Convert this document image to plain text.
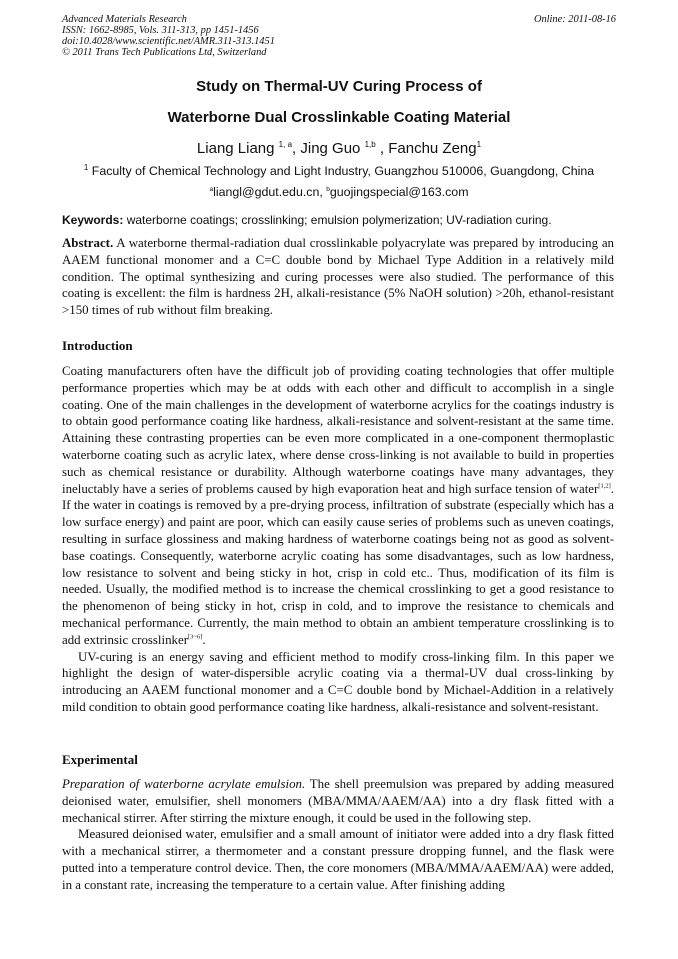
Advanced Materials Research	Online: 2011-08-16
ISSN: 1662-8985, Vols. 311-313, pp 1451-1456
doi:10.4028/www.scientific.net/AMR.311-313.1451
© 2011 Trans Tech Publications Ltd, Switzerland
Study on Thermal-UV Curing Process of
Waterborne Dual Crosslinkable Coating Material
Liang Liang $^{1, a}$, Jing Guo $^{1,b}$ , Fanchu Zeng$^1$
$^1$ Faculty of Chemical Technology and Light Industry, Guangzhou 510006, Guangdong, China
$^a$liangl@gdut.edu.cn, $^b$guojingspecial@163.com
Keywords: waterborne coatings; crosslinking; emulsion polymerization; UV-radiation curing.

Abstract. A waterborne thermal-radiation dual crosslinkable polyacrylate was prepared by introducing an AAEM functional monomer and a C=C double bond by Michael Type Addition in a relatively mild condition. The optimal synthesizing and curing processes were also studied. The performance of this coating is excellent: the film is hardness 2H, alkali-resistance (5% NaOH solution) >20h, ethanol-resistant >150 times of rub without film breaking.

Introduction

Coating manufacturers often have the difficult job of providing coating technologies that offer multiple performance properties which may be at odds with each other and difficult to accomplish in a single coating. One of the main challenges in the development of waterborne acrylics for the coatings industry is to obtain good performance coating like hardness, alkali-resistance and solvent-resistant at the same time. Attaining these contrasting properties can be even more complicated in a one-component thermoplastic waterborne coating such as acrylic latex, where dense cross-linking is not available to build in properties such as chemical resistance or durability. Although waterborne coatings have many advantages, they ineluctably have a series of problems caused by high evaporation heat and high surface tension of water[1,2]. If the water in coatings is removed by a pre-drying process, infiltration of substrate (especially which has a low surface energy) and paint are poor, which can easily cause series of problems such as uneven coatings, resulting in surface glossiness and making hardness of waterborne coatings being not as good as solvent-base coatings. Consequently, waterborne acrylic coating has some disadvantages, such as low hardness, low resistance to solvent and being sticky in hot, crisp in cold etc.. Thus, modification of its film is needed. Usually, the modified method is to increase the chemical crosslinking to get a good resistance to the phenomenon of being sticky in hot, crisp in cold, and to improve the resistance to chemicals and mechanical performance. Currently, the main method to obtain an ambient temperature crosslinking is to add extrinsic crosslinker[3~6].

UV-curing is an energy saving and efficient method to modify cross-linking film. In this paper we highlight the design of water-dispersible acrylic coating via a thermal-UV dual cross-linking by introducing an AAEM functional monomer and a C=C double bond by Michael-Addition in a relatively mild condition to obtain good performance coating like hardness, alkali-resistance and solvent-resistant.

Experimental

Preparation of waterborne acrylate emulsion. The shell preemulsion was prepared by adding measured deionised water, emulsifier, shell monomers (MBA/MMA/AAEM/AA) into a dry flask fitted with a mechanical stirrer. After stirring the mixture enough, it could be used in the following step.

Measured deionised water, emulsifier and a small amount of initiator were added into a dry flask fitted with a mechanical stirrer, a thermometer and a constant pressure dropping funnel, and the flask were putted into a temperature control device. Then, the core monomers (MBA/MMA/AAEM/AA) were added, in a constant rate, increasing the temperature to a certain value. After finishing adding
